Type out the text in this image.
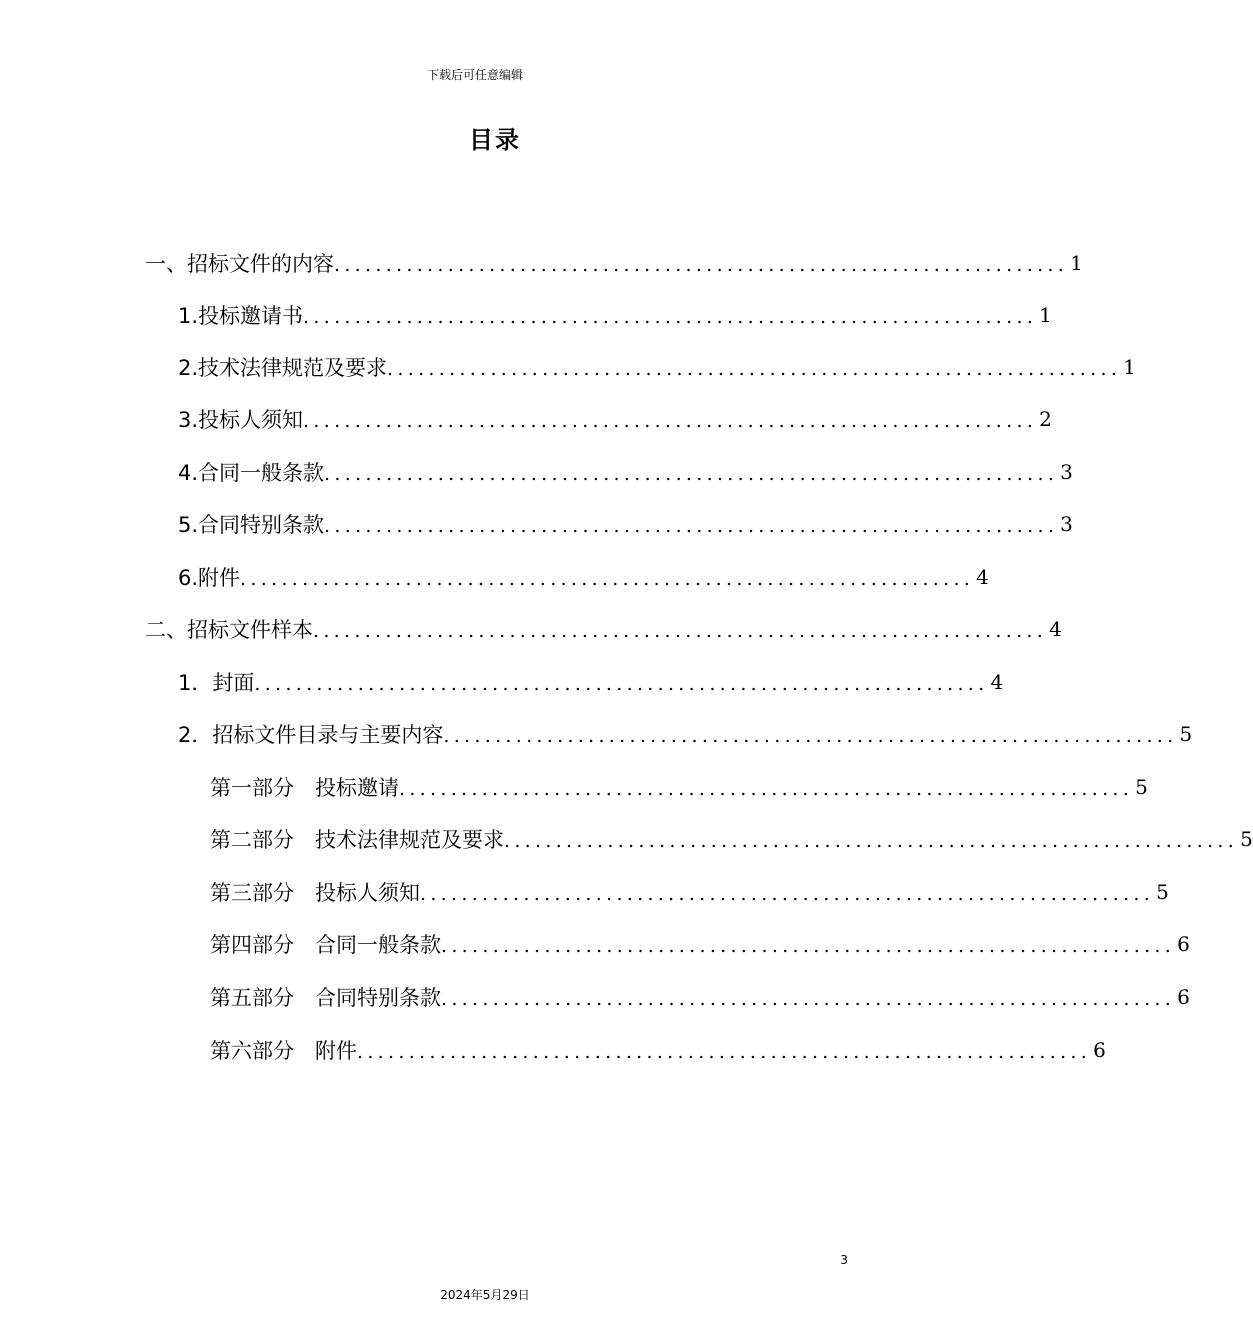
下载后可任意编辑
目录
一、招标文件的内容 ....................................................................... 1
1.投标邀请书 ....................................................................... 1
2.技术法律规范及要求 ....................................................................... 1
3.投标人须知 ....................................................................... 2
4.合同一般条款 ....................................................................... 3
5.合同特别条款 ....................................................................... 3
6.附件 ....................................................................... 4
二、招标文件样本 ....................................................................... 4
1．封面 ....................................................................... 4
2．招标文件目录与主要内容 ....................................................................... 5
第一部分　投标邀请 ....................................................................... 5
第二部分　技术法律规范及要求 ....................................................................... 5
第三部分　投标人须知 ....................................................................... 5
第四部分　合同一般条款 ....................................................................... 6
第五部分　合同特别条款 ....................................................................... 6
第六部分　附件 ....................................................................... 6
3
2024年5月29日
